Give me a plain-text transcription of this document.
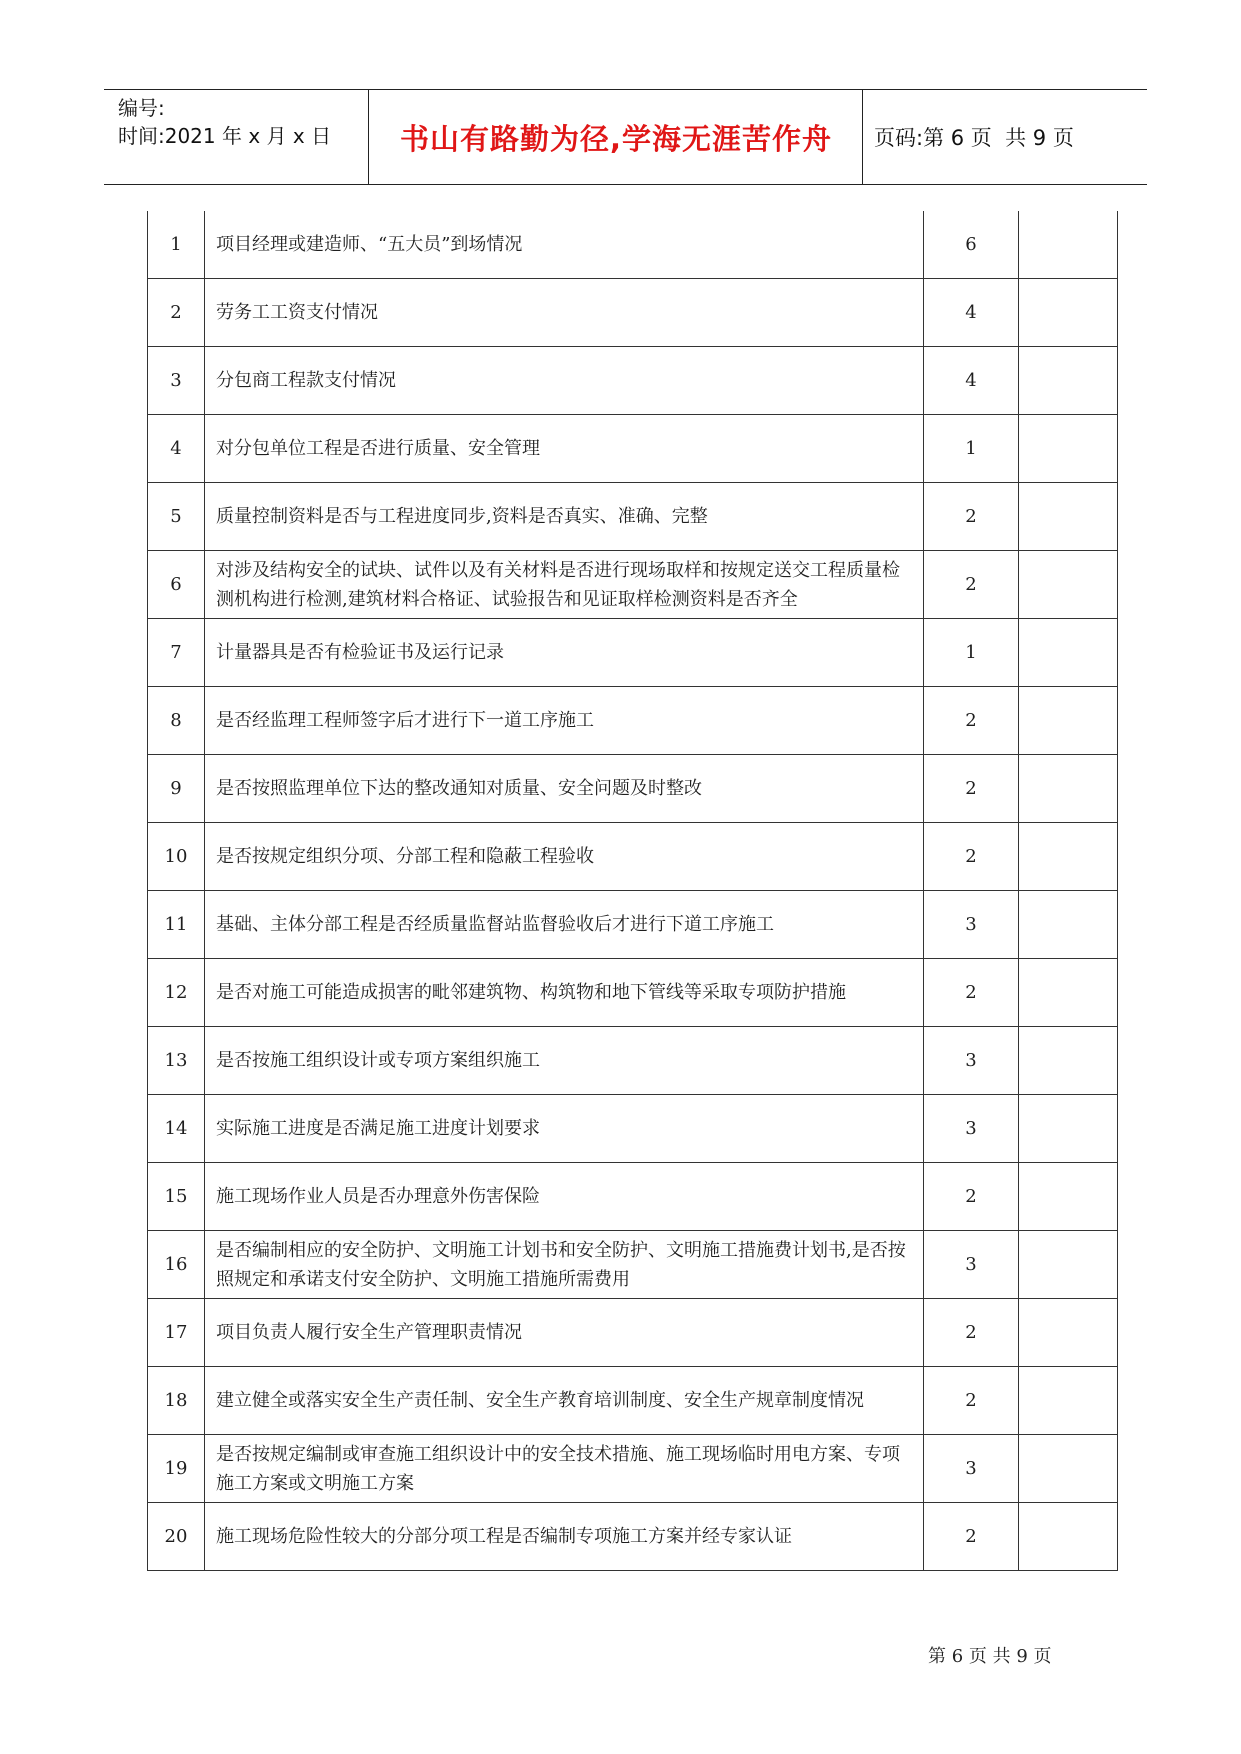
编号:
时间:2021 年 x 月 x 日	书山有路勤为径,学海无涯苦作舟	页码:第 6 页  共 9 页
1	项目经理或建造师、“五大员”到场情况	6	
2	劳务工工资支付情况	4	
3	分包商工程款支付情况	4	
4	对分包单位工程是否进行质量、安全管理	1	
5	质量控制资料是否与工程进度同步,资料是否真实、准确、完整	2	
6	对涉及结构安全的试块、试件以及有关材料是否进行现场取样和按规定送交工程质量检测机构进行检测,建筑材料合格证、试验报告和见证取样检测资料是否齐全	2	
7	计量器具是否有检验证书及运行记录	1	
8	是否经监理工程师签字后才进行下一道工序施工	2	
9	是否按照监理单位下达的整改通知对质量、安全问题及时整改	2	
10	是否按规定组织分项、分部工程和隐蔽工程验收	2	
11	基础、主体分部工程是否经质量监督站监督验收后才进行下道工序施工	3	
12	是否对施工可能造成损害的毗邻建筑物、构筑物和地下管线等采取专项防护措施	2	
13	是否按施工组织设计或专项方案组织施工	3	
14	实际施工进度是否满足施工进度计划要求	3	
15	施工现场作业人员是否办理意外伤害保险	2	
16	是否编制相应的安全防护、文明施工计划书和安全防护、文明施工措施费计划书,是否按照规定和承诺支付安全防护、文明施工措施所需费用	3	
17	项目负责人履行安全生产管理职责情况	2	
18	建立健全或落实安全生产责任制、安全生产教育培训制度、安全生产规章制度情况	2	
19	是否按规定编制或审查施工组织设计中的安全技术措施、施工现场临时用电方案、专项施工方案或文明施工方案	3	
20	施工现场危险性较大的分部分项工程是否编制专项施工方案并经专家认证	2	
第 6 页 共 9 页
